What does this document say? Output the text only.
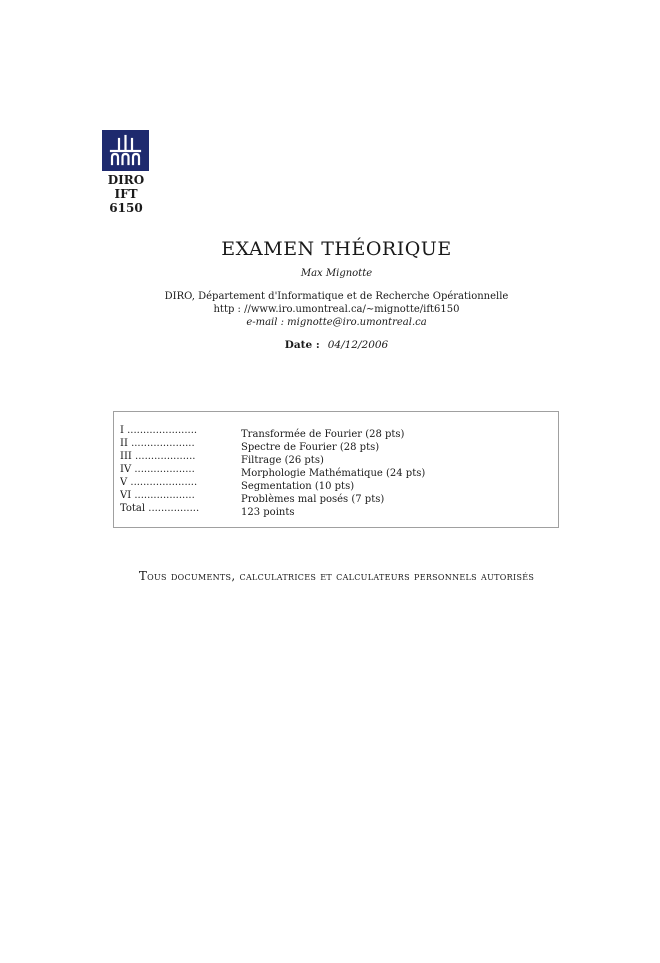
DIRO
IFT 6150
EXAMEN THÉORIQUE
Max Mignotte
DIRO, Département d'Informatique et de Recherche Opérationnelle
http : //www.iro.umontreal.ca/∼mignotte/ift6150
e-mail : mignotte@iro.umontreal.ca
Date : 04/12/2006
I ......................	Transformée de Fourier (28 pts)
II ....................	Spectre de Fourier (28 pts)
III ...................	Filtrage (26 pts)
IV ...................	Morphologie Mathématique (24 pts)
V .....................	Segmentation (10 pts)
VI ...................	Problèmes mal posés (7 pts)
Total ................	123 points
Tous documents, calculatrices et calculateurs personnels autorisés
